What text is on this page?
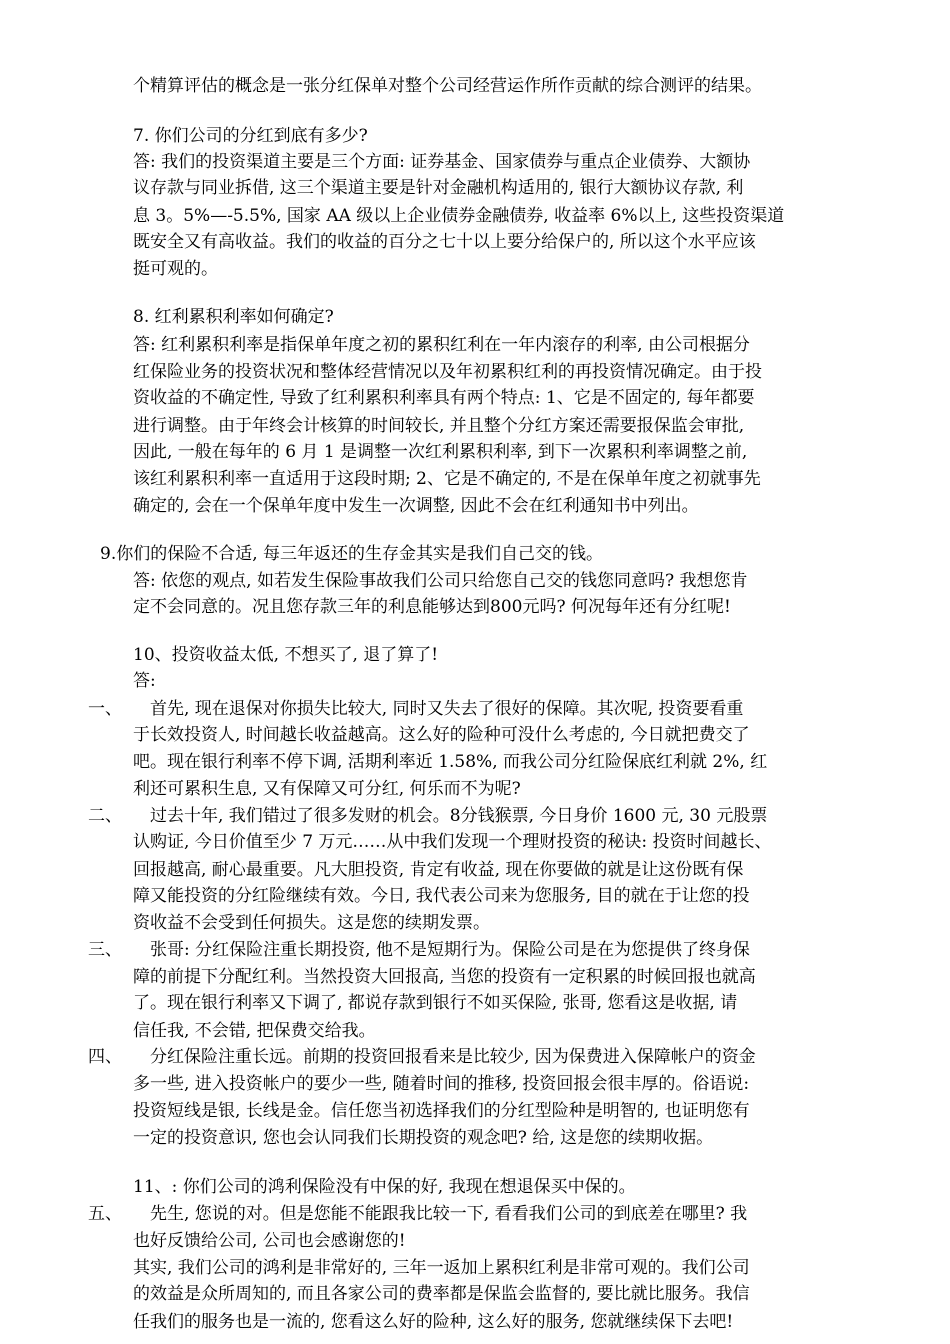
个精算评估的概念是一张分红保单对整个公司经营运作所作贡献的综合测评的结果。
7. 你们公司的分红到底有多少?
答: 我们的投资渠道主要是三个方面: 证券基金、国家债券与重点企业债券、大额协
议存款与同业拆借, 这三个渠道主要是针对金融机构适用的, 银行大额协议存款, 利
息 3。5%—-5.5%, 国家 AA 级以上企业债券金融债券, 收益率 6%以上, 这些投资渠道
既安全又有高收益。我们的收益的百分之七十以上要分给保户的, 所以这个水平应该
挺可观的。
8. 红利累积利率如何确定?
答: 红利累积利率是指保单年度之初的累积红利在一年内滚存的利率, 由公司根据分
红保险业务的投资状况和整体经营情况以及年初累积红利的再投资情况确定。由于投
资收益的不确定性, 导致了红利累积利率具有两个特点: 1、它是不固定的, 每年都要
进行调整。由于年终会计核算的时间较长, 并且整个分红方案还需要报保监会审批,
因此, 一般在每年的 6 月 1 是调整一次红利累积利率, 到下一次累积利率调整之前,
该红利累积利率一直适用于这段时期; 2、它是不确定的, 不是在保单年度之初就事先
确定的, 会在一个保单年度中发生一次调整, 因此不会在红利通知书中列出。
9.你们的保险不合适, 每三年返还的生存金其实是我们自己交的钱。
答: 依您的观点, 如若发生保险事故我们公司只给您自己交的钱您同意吗? 我想您肯
定不会同意的。况且您存款三年的利息能够达到800元吗? 何况每年还有分红呢!
10、投资收益太低, 不想买了, 退了算了!
答:
一、 首先, 现在退保对你损失比较大, 同时又失去了很好的保障。其次呢, 投资要看重
于长效投资人, 时间越长收益越高。这么好的险种可没什么考虑的, 今日就把费交了
吧。现在银行利率不停下调, 活期利率近 1.58%, 而我公司分红险保底红利就 2%, 红
利还可累积生息, 又有保障又可分红, 何乐而不为呢?
二、 过去十年, 我们错过了很多发财的机会。8分钱猴票, 今日身价 1600 元, 30 元股票
认购证, 今日价值至少 7 万元……从中我们发现一个理财投资的秘诀: 投资时间越长、
回报越高, 耐心最重要。凡大胆投资, 肯定有收益, 现在你要做的就是让这份既有保
障又能投资的分红险继续有效。今日, 我代表公司来为您服务, 目的就在于让您的投
资收益不会受到任何损失。这是您的续期发票。
三、 张哥: 分红保险注重长期投资, 他不是短期行为。保险公司是在为您提供了终身保
障的前提下分配红利。当然投资大回报高, 当您的投资有一定积累的时候回报也就高
了。现在银行利率又下调了, 都说存款到银行不如买保险, 张哥, 您看这是收据, 请
信任我, 不会错, 把保费交给我。
四、 分红保险注重长远。前期的投资回报看来是比较少, 因为保费进入保障帐户的资金
多一些, 进入投资帐户的要少一些, 随着时间的推移, 投资回报会很丰厚的。俗语说:
投资短线是银, 长线是金。信任您当初选择我们的分红型险种是明智的, 也证明您有
一定的投资意识, 您也会认同我们长期投资的观念吧? 给, 这是您的续期收据。
11、: 你们公司的鸿利保险没有中保的好, 我现在想退保买中保的。
五、 先生, 您说的对。但是您能不能跟我比较一下, 看看我们公司的到底差在哪里? 我
也好反馈给公司, 公司也会感谢您的!
其实, 我们公司的鸿利是非常好的, 三年一返加上累积红利是非常可观的。我们公司
的效益是众所周知的, 而且各家公司的费率都是保监会监督的, 要比就比服务。我信
任我们的服务也是一流的, 您看这么好的险种, 这么好的服务, 您就继续保下去吧!
